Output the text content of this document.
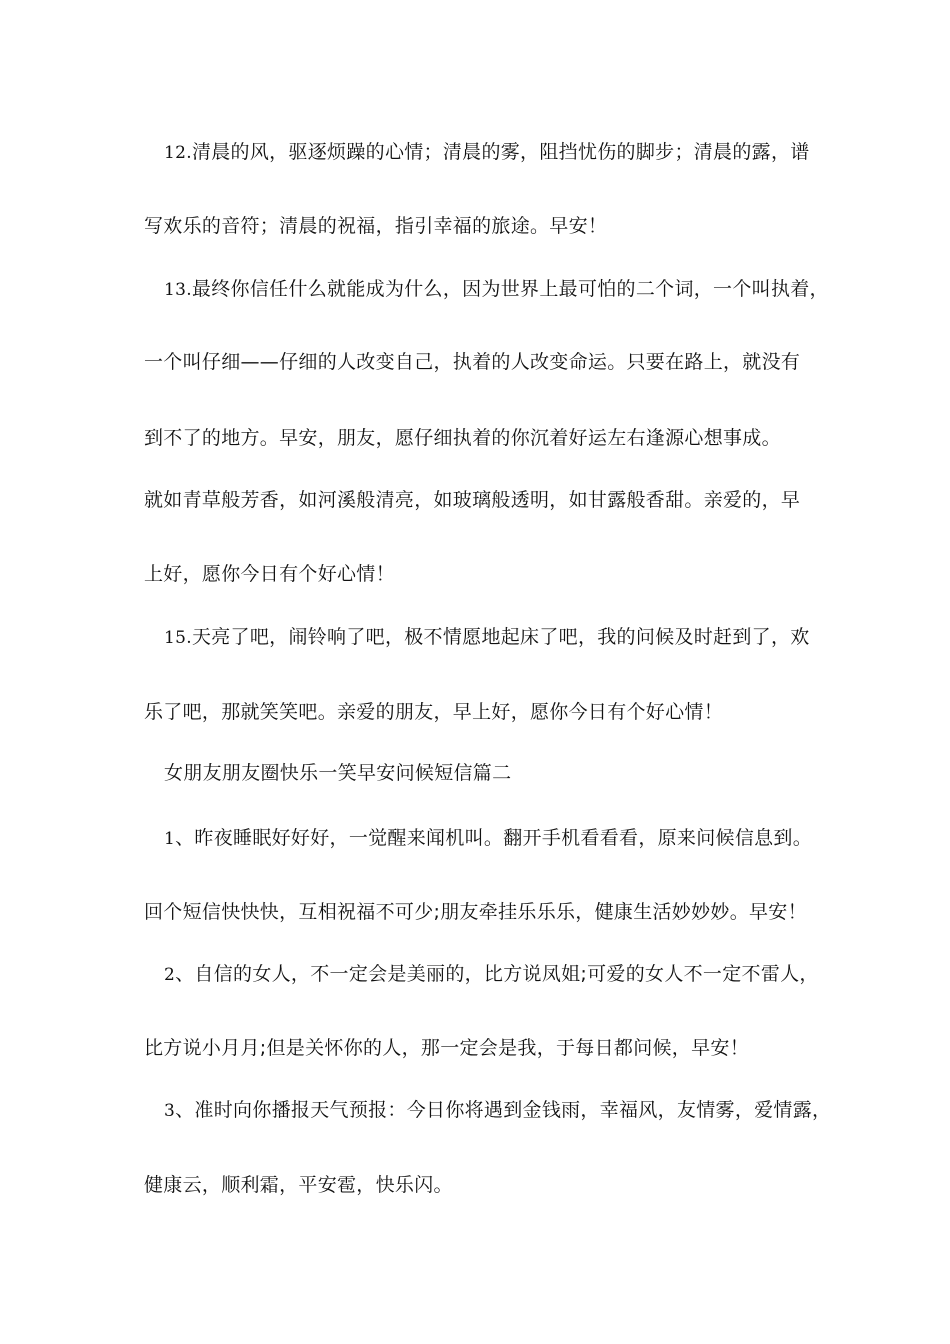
12.清晨的风，驱逐烦躁的心情；清晨的雾，阻挡忧伤的脚步；清晨的露，谱
写欢乐的音符；清晨的祝福，指引幸福的旅途。早安！
13.最终你信任什么就能成为什么，因为世界上最可怕的二个词，一个叫执着，
一个叫仔细——仔细的人改变自己，执着的人改变命运。只要在路上，就没有
到不了的地方。早安，朋友，愿仔细执着的你沉着好运左右逢源心想事成。
就如青草般芳香，如河溪般清亮，如玻璃般透明，如甘露般香甜。亲爱的，早
上好，愿你今日有个好心情！
15.天亮了吧，闹铃响了吧，极不情愿地起床了吧，我的问候及时赶到了，欢
乐了吧，那就笑笑吧。亲爱的朋友，早上好，愿你今日有个好心情！
女朋友朋友圈快乐一笑早安问候短信篇二
1、昨夜睡眠好好好，一觉醒来闻机叫。翻开手机看看看，原来问候信息到。
回个短信快快快，互相祝福不可少;朋友牵挂乐乐乐，健康生活妙妙妙。早安！
2、自信的女人，不一定会是美丽的，比方说凤姐;可爱的女人不一定不雷人，
比方说小月月;但是关怀你的人，那一定会是我，于每日都问候，早安！
3、准时向你播报天气预报：今日你将遇到金钱雨，幸福风，友情雾，爱情露，
健康云，顺利霜，平安雹，快乐闪。
